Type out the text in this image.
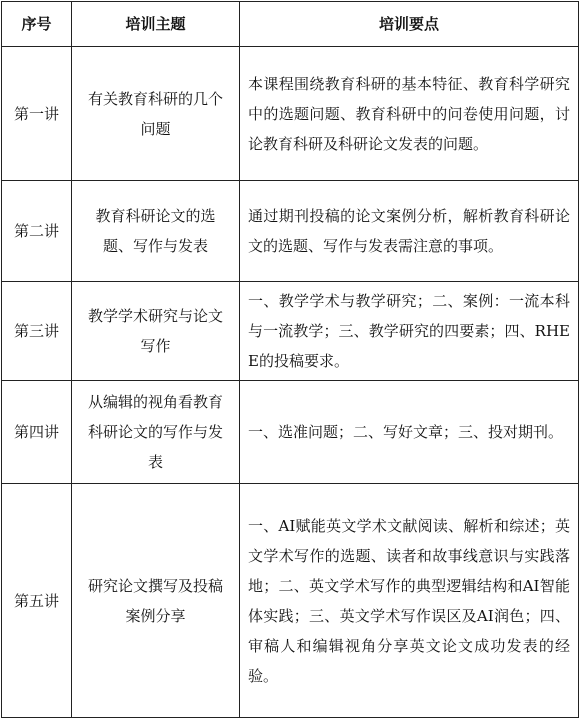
序号	培训主题	培训要点
第一讲	有关教育科研的几个问题	本课程围绕教育科研的基本特征、教育科学研究中的选题问题、教育科研中的问卷使用问题，讨论教育科研及科研论文发表的问题。
第二讲	教育科研论文的选题、写作与发表	通过期刊投稿的论文案例分析，解析教育科研论文的选题、写作与发表需注意的事项。
第三讲	教学学术研究与论文写作	一、教学学术与教学研究；二、案例：一流本科与一流教学；三、教学研究的四要素；四、RHEE的投稿要求。
第四讲	从编辑的视角看教育科研论文的写作与发表	一、选准问题；二、写好文章；三、投对期刊。
第五讲	研究论文撰写及投稿案例分享	一、AI赋能英文学术文献阅读、解析和综述；英文学术写作的选题、读者和故事线意识与实践落地；二、英文学术写作的典型逻辑结构和AI智能体实践；三、英文学术写作误区及AI润色；四、审稿人和编辑视角分享英文论文成功发表的经验。
